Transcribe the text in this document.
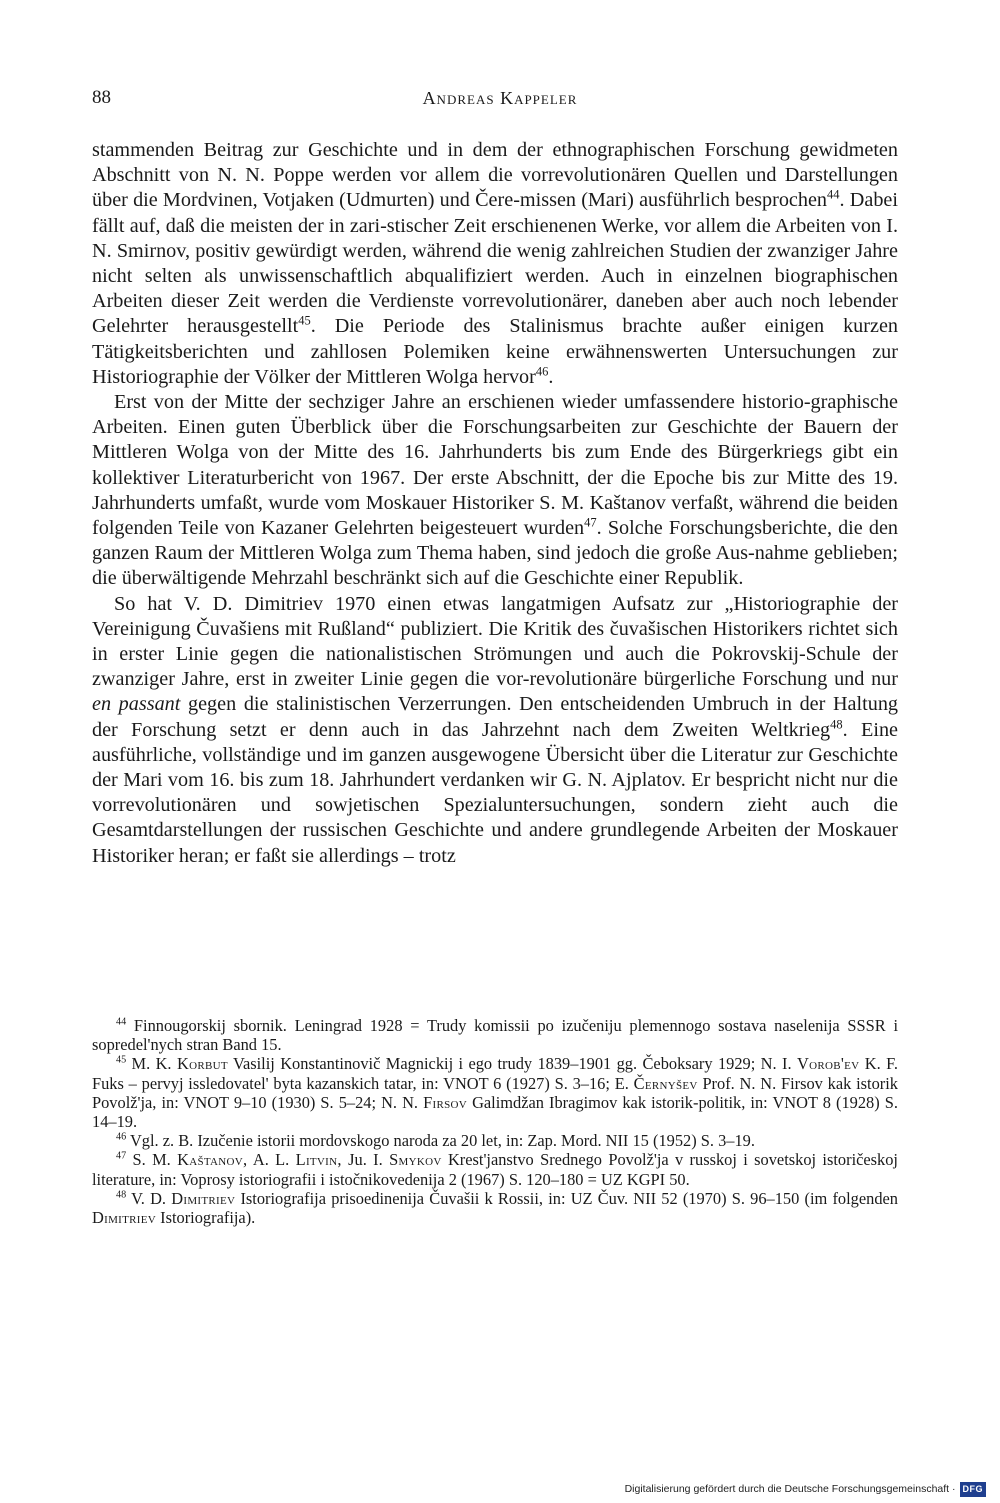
88	Andreas Kappeler

stammenden Beitrag zur Geschichte und in dem der ethnographischen Forschung gewidmeten Abschnitt von N. N. Poppe werden vor allem die vorrevolutionären Quellen und Darstellungen über die Mordvinen, Votjaken (Udmurten) und Čere-missen (Mari) ausführlich besprochen$^{44}$. Dabei fällt auf, daß die meisten der in zari-stischer Zeit erschienenen Werke, vor allem die Arbeiten von I. N. Smirnov, positiv gewürdigt werden, während die wenig zahlreichen Studien der zwanziger Jahre nicht selten als unwissenschaftlich abqualifiziert werden. Auch in einzelnen biographischen Arbeiten dieser Zeit werden die Verdienste vorrevolutionärer, daneben aber auch noch lebender Gelehrter herausgestellt$^{45}$. Die Periode des Stalinismus brachte außer einigen kurzen Tätigkeitsberichten und zahllosen Polemiken keine erwähnenswerten Untersuchungen zur Historiographie der Völker der Mittleren Wolga hervor$^{46}$.

Erst von der Mitte der sechziger Jahre an erschienen wieder umfassendere historio-graphische Arbeiten. Einen guten Überblick über die Forschungsarbeiten zur Geschichte der Bauern der Mittleren Wolga von der Mitte des 16. Jahrhunderts bis zum Ende des Bürgerkriegs gibt ein kollektiver Literaturbericht von 1967. Der erste Abschnitt, der die Epoche bis zur Mitte des 19. Jahrhunderts umfaßt, wurde vom Moskauer Historiker S. M. Kaštanov verfaßt, während die beiden folgenden Teile von Kazaner Gelehrten beigesteuert wurden$^{47}$. Solche Forschungsberichte, die den ganzen Raum der Mittleren Wolga zum Thema haben, sind jedoch die große Aus-nahme geblieben; die überwältigende Mehrzahl beschränkt sich auf die Geschichte einer Republik.

So hat V. D. Dimitriev 1970 einen etwas langatmigen Aufsatz zur „Historiographie der Vereinigung Čuvašiens mit Rußland“ publiziert. Die Kritik des čuvašischen Historikers richtet sich in erster Linie gegen die nationalistischen Strömungen und auch die Pokrovskij-Schule der zwanziger Jahre, erst in zweiter Linie gegen die vor-revolutionäre bürgerliche Forschung und nur en passant gegen die stalinistischen Verzerrungen. Den entscheidenden Umbruch in der Haltung der Forschung setzt er denn auch in das Jahrzehnt nach dem Zweiten Weltkrieg$^{48}$. Eine ausführliche, vollständige und im ganzen ausgewogene Übersicht über die Literatur zur Geschichte der Mari vom 16. bis zum 18. Jahrhundert verdanken wir G. N. Ajplatov. Er bespricht nicht nur die vorrevolutionären und sowjetischen Spezialuntersuchungen, sondern zieht auch die Gesamtdarstellungen der russischen Geschichte und andere grundlegende Arbeiten der Moskauer Historiker heran; er faßt sie allerdings – trotz

$^{44}$ Finnougorskij sbornik. Leningrad 1928 = Trudy komissii po izučeniju plemennogo sostava naselenija SSSR i sopredel'nych stran Band 15.

$^{45}$ M. K. Korbut Vasilij Konstantinovič Magnickij i ego trudy 1839–1901 gg. Čeboksary 1929; N. I. Vorob'ev K. F. Fuks – pervyj issledovatel' byta kazanskich tatar, in: VNOT 6 (1927) S. 3–16; E. Černyšev Prof. N. N. Firsov kak istorik Povolž'ja, in: VNOT 9–10 (1930) S. 5–24; N. N. Firsov Galimdžan Ibragimov kak istorik-politik, in: VNOT 8 (1928) S. 14–19.

$^{46}$ Vgl. z. B. Izučenie istorii mordovskogo naroda za 20 let, in: Zap. Mord. NII 15 (1952) S. 3–19.

$^{47}$ S. M. Kaštanov, A. L. Litvin, Ju. I. Smykov Krest'janstvo Srednego Povolž'ja v russkoj i sovetskoj istoričeskoj literature, in: Voprosy istoriografii i istočnikovedenija 2 (1967) S. 120–180 = UZ KGPI 50.

$^{48}$ V. D. Dimitriev Istoriografija prisoedinenija Čuvašii k Rossii, in: UZ Čuv. NII 52 (1970) S. 96–150 (im folgenden Dimitriev Istoriografija).

Digitalisierung gefördert durch die Deutsche Forschungsgemeinschaft · DFG
